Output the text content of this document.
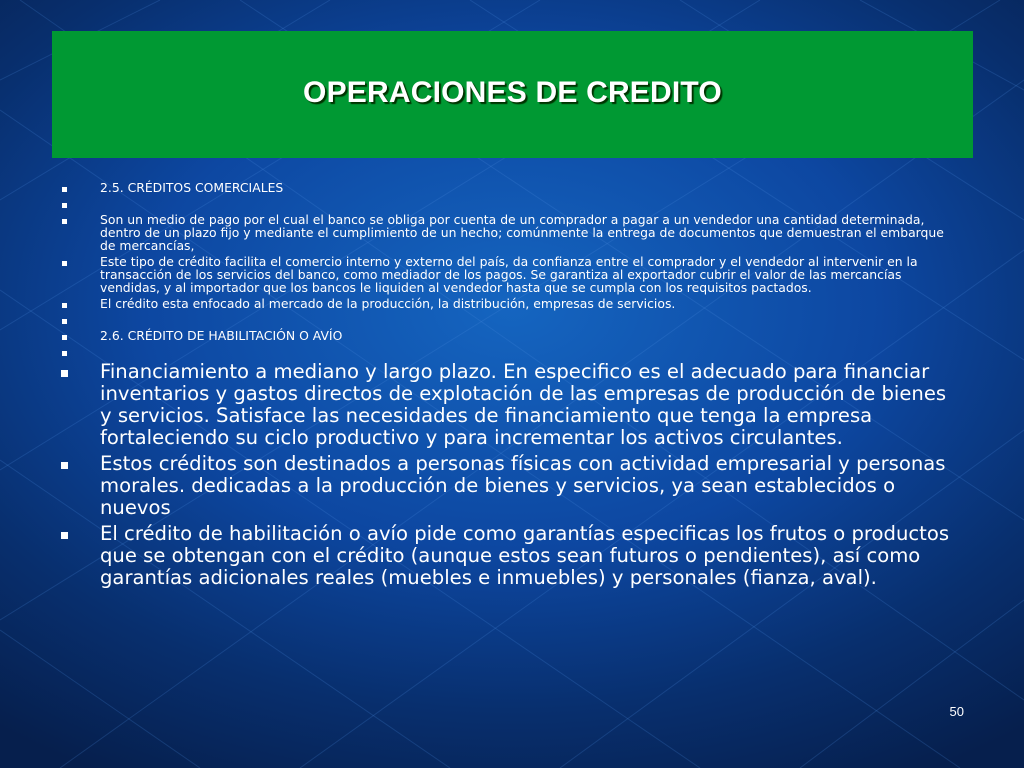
OPERACIONES DE CREDITO
2.5. CRÉDITOS COMERCIALES
Son un medio de pago por el cual el banco se obliga por cuenta de un comprador a pagar a un vendedor una cantidad determinada, dentro de un plazo fijo y mediante el cumplimiento de un hecho; comúnmente la entrega de documentos que demuestran el embarque de mercancías,
Este tipo de crédito facilita el comercio interno y externo del país, da confianza entre el comprador y el vendedor al intervenir en la transacción de los servicios del banco, como mediador de los pagos. Se garantiza al exportador cubrir el valor de las mercancías vendidas, y al importador que los bancos le liquiden al vendedor hasta que se cumpla con los requisitos pactados.
El crédito esta enfocado al mercado de la producción, la distribución, empresas de servicios.
2.6. CRÉDITO DE HABILITACIÓN O AVÍO
Financiamiento a mediano y largo plazo. En especifico es el adecuado para financiar inventarios y gastos directos de explotación de las empresas de producción de bienes y servicios. Satisface las necesidades de financiamiento que tenga la empresa fortaleciendo su ciclo productivo y para incrementar los activos circulantes.
Estos créditos son destinados a personas físicas con actividad empresarial y personas morales. dedicadas a la producción de bienes y servicios, ya sean establecidos o nuevos
El crédito de habilitación o avío pide como garantías especificas los frutos o productos que se obtengan con el crédito (aunque estos sean futuros o pendientes), así como garantías adicionales reales (muebles e inmuebles) y personales (fianza, aval).
50
